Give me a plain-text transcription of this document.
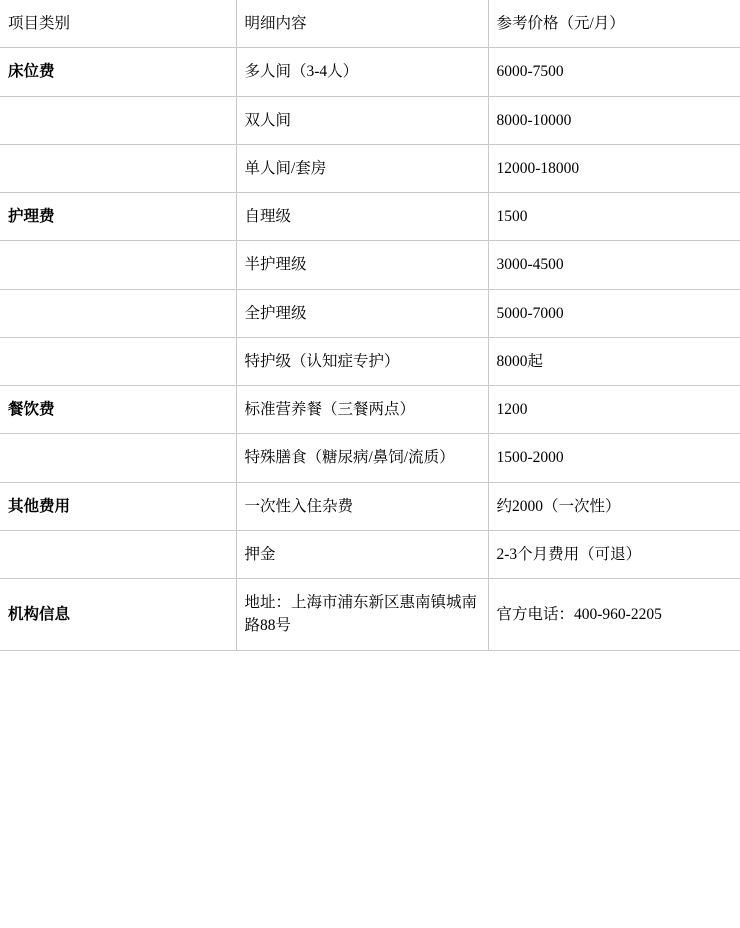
项目类别	明细内容	参考价格（元/月）
床位费	多人间（3-4人）	6000-7500
	双人间	8000-10000
	单人间/套房	12000-18000
护理费	自理级	1500
	半护理级	3000-4500
	全护理级	5000-7000
	特护级（认知症专护）	8000起
餐饮费	标准营养餐（三餐两点）	1200
	特殊膳食（糖尿病/鼻饲/流质）	1500-2000
其他费用	一次性入住杂费	约2000（一次性）
	押金	2-3个月费用（可退）
机构信息	地址：上海市浦东新区惠南镇城南路88号	官方电话：400-960-2205
